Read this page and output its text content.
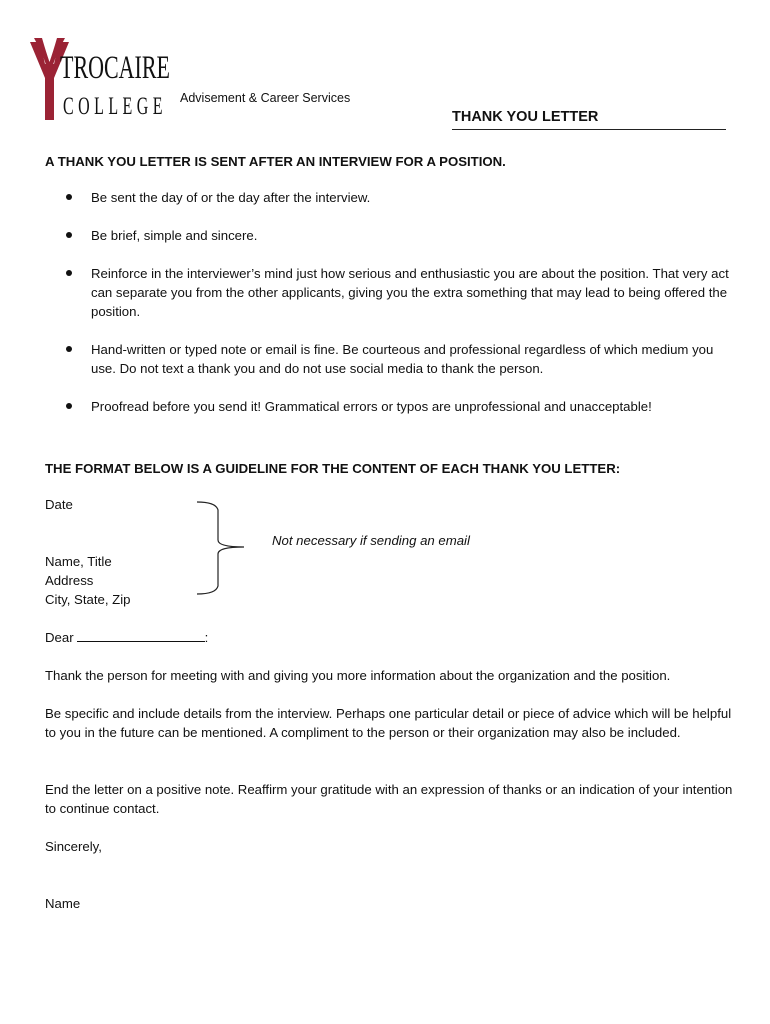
TROCAIRE
COLLEGE Advisement & Career Services
THANK YOU LETTER
A THANK YOU LETTER IS SENT AFTER AN INTERVIEW FOR A POSITION.
Be sent the day of or the day after the interview.
Be brief, simple and sincere.
Reinforce in the interviewer’s mind just how serious and enthusiastic you are about the position. That very act can separate you from the other applicants, giving you the extra something that may lead to being offered the position.
Hand-written or typed note or email is fine. Be courteous and professional regardless of which medium you use. Do not text a thank you and do not use social media to thank the person.
Proofread before you send it! Grammatical errors or typos are unprofessional and unacceptable!
THE FORMAT BELOW IS A GUIDELINE FOR THE CONTENT OF EACH THANK YOU LETTER:
Date
Name, Title
Address
City, State, Zip
Not necessary if sending an email
Dear	:
Thank the person for meeting with and giving you more information about the organization and the position.
Be specific and include details from the interview. Perhaps one particular detail or piece of advice which will be helpful to you in the future can be mentioned. A compliment to the person or their organization may also be included.
End the letter on a positive note. Reaffirm your gratitude with an expression of thanks or an indication of your intention to continue contact.
Sincerely,
Name
